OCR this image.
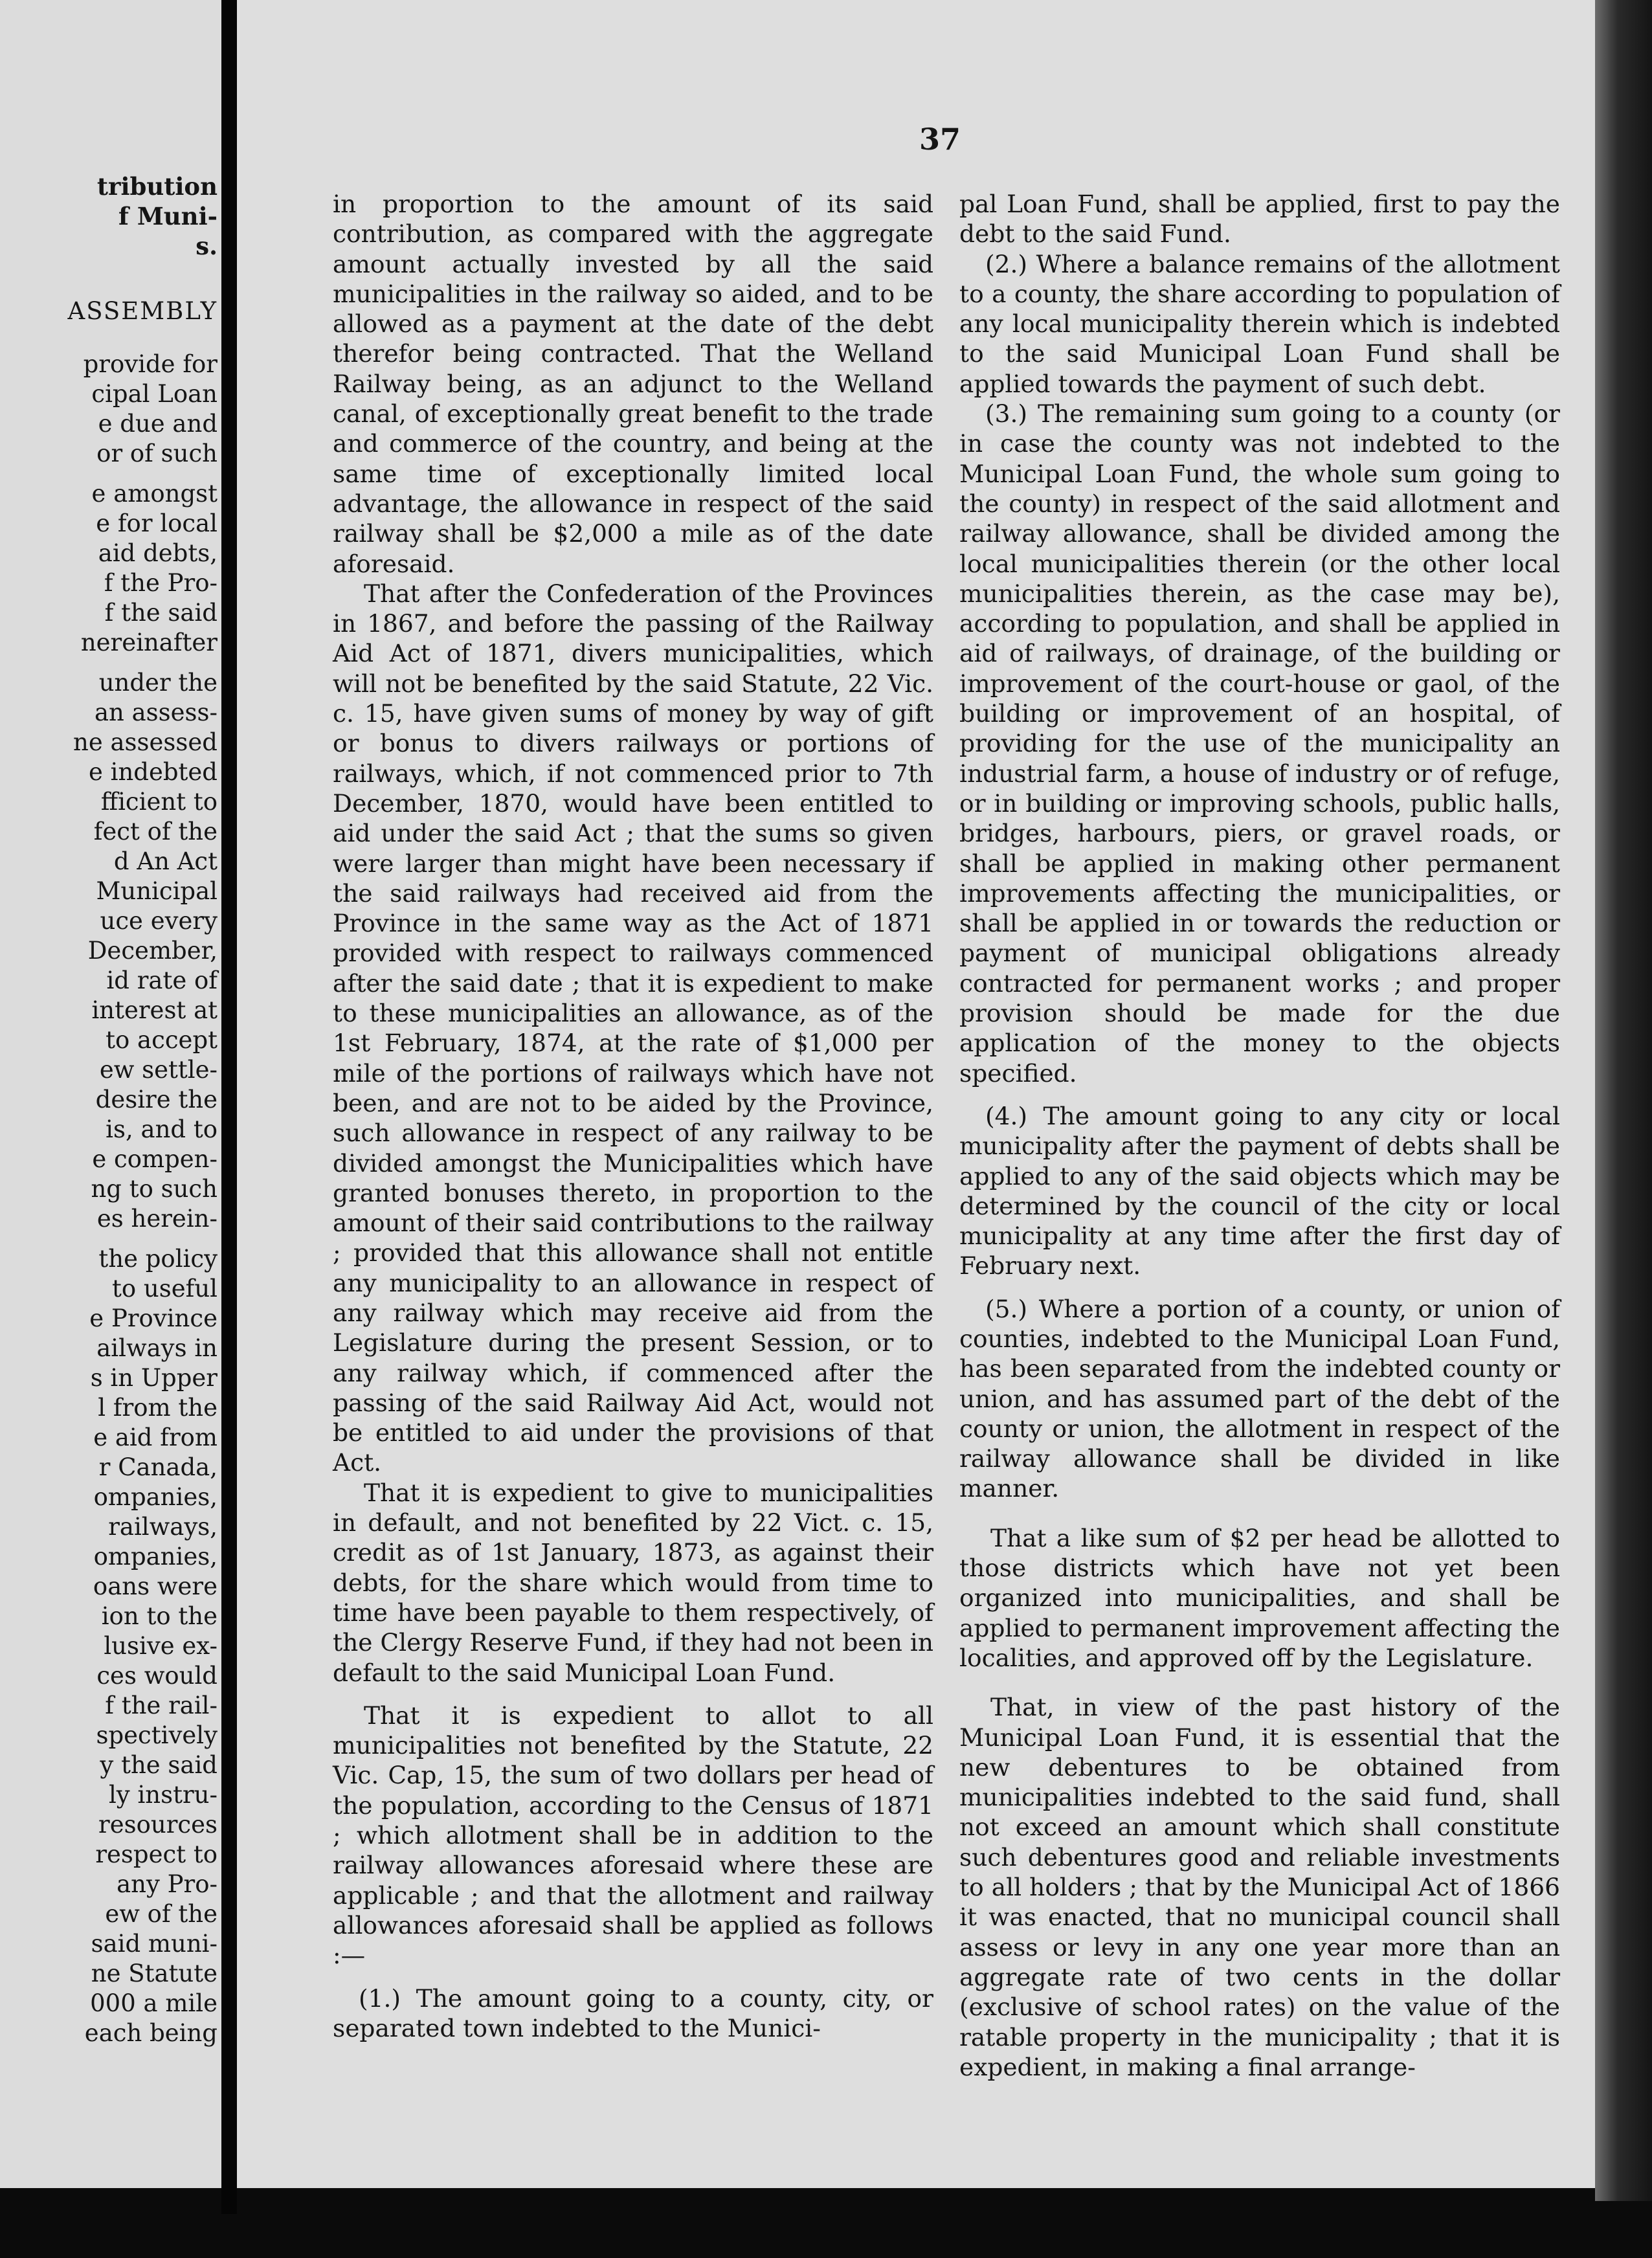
tribution
f Muni-
s.
ASSEMBLY
provide for
cipal Loan
e due and
or of such

e amongst
e for local
aid debts,
f the Pro-
f the said
nereinafter

under the
an assess-
ne assessed
e indebted
fficient to
fect of the
d An Act
Municipal
uce every
December,
id rate of
interest at
to accept
ew settle-
desire the
is, and to
e compen-
ng to such
es herein-

the policy
to useful
e Province
ailways in
s in Upper
l from the
e aid from
r Canada,
ompanies,
railways,
ompanies,
oans were
ion to the
lusive ex-
ces would
f the rail-
spectively
y the said
ly instru-
resources
respect to
any Pro-
ew of the
said muni-
ne Statute
000 a mile
each being
37

in proportion to the amount of its said contribution, as compared with the aggregate amount actually invested by all the said municipalities in the railway so aided, and to be allowed as a payment at the date of the debt therefor being contracted. That the Welland Railway being, as an adjunct to the Welland canal, of exceptionally great benefit to the trade and commerce of the country, and being at the same time of exceptionally limited local advantage, the allowance in respect of the said railway shall be $2,000 a mile as of the date aforesaid.

That after the Confederation of the Provinces in 1867, and before the passing of the Railway Aid Act of 1871, divers municipalities, which will not be benefited by the said Statute, 22 Vic. c. 15, have given sums of money by way of gift or bonus to divers railways or portions of railways, which, if not commenced prior to 7th December, 1870, would have been entitled to aid under the said Act ; that the sums so given were larger than might have been necessary if the said railways had received aid from the Province in the same way as the Act of 1871 provided with respect to railways commenced after the said date ; that it is expedient to make to these municipalities an allowance, as of the 1st February, 1874, at the rate of $1,000 per mile of the portions of railways which have not been, and are not to be aided by the Province, such allowance in respect of any railway to be divided amongst the Municipalities which have granted bonuses thereto, in proportion to the amount of their said contributions to the railway ; provided that this allowance shall not entitle any municipality to an allowance in respect of any railway which may receive aid from the Legislature during the present Session, or to any railway which, if commenced after the passing of the said Railway Aid Act, would not be entitled to aid under the provisions of that Act.

That it is expedient to give to municipalities in default, and not benefited by 22 Vict. c. 15, credit as of 1st January, 1873, as against their debts, for the share which would from time to time have been payable to them respectively, of the Clergy Reserve Fund, if they had not been in default to the said Municipal Loan Fund.

That it is expedient to allot to all municipalities not benefited by the Statute, 22 Vic. Cap, 15, the sum of two dollars per head of the population, according to the Census of 1871 ; which allotment shall be in addition to the railway allowances aforesaid where these are applicable ; and that the allotment and railway allowances aforesaid shall be applied as follows :—

(1.) The amount going to a county, city, or separated town indebted to the Munici-

pal Loan Fund, shall be applied, first to pay the debt to the said Fund.

(2.) Where a balance remains of the allotment to a county, the share according to population of any local municipality therein which is indebted to the said Municipal Loan Fund shall be applied towards the payment of such debt.

(3.) The remaining sum going to a county (or in case the county was not indebted to the Municipal Loan Fund, the whole sum going to the county) in respect of the said allotment and railway allowance, shall be divided among the local municipalities therein (or the other local municipalities therein, as the case may be), according to population, and shall be applied in aid of railways, of drainage, of the building or improvement of the court-house or gaol, of the building or improvement of an hospital, of providing for the use of the municipality an industrial farm, a house of industry or of refuge, or in building or improving schools, public halls, bridges, harbours, piers, or gravel roads, or shall be applied in making other permanent improvements affecting the municipalities, or shall be applied in or towards the reduction or payment of municipal obligations already contracted for permanent works ; and proper provision should be made for the due application of the money to the objects specified.

(4.) The amount going to any city or local municipality after the payment of debts shall be applied to any of the said objects which may be determined by the council of the city or local municipality at any time after the first day of February next.

(5.) Where a portion of a county, or union of counties, indebted to the Municipal Loan Fund, has been separated from the indebted county or union, and has assumed part of the debt of the county or union, the allotment in respect of the railway allowance shall be divided in like manner.

That a like sum of $2 per head be allotted to those districts which have not yet been organized into municipalities, and shall be applied to permanent improvement affecting the localities, and approved off by the Legislature.

That, in view of the past history of the Municipal Loan Fund, it is essential that the new debentures to be obtained from municipalities indebted to the said fund, shall not exceed an amount which shall constitute such debentures good and reliable investments to all holders ; that by the Municipal Act of 1866 it was enacted, that no municipal council shall assess or levy in any one year more than an aggregate rate of two cents in the dollar (exclusive of school rates) on the value of the ratable property in the municipality ; that it is expedient, in making a final arrange-
